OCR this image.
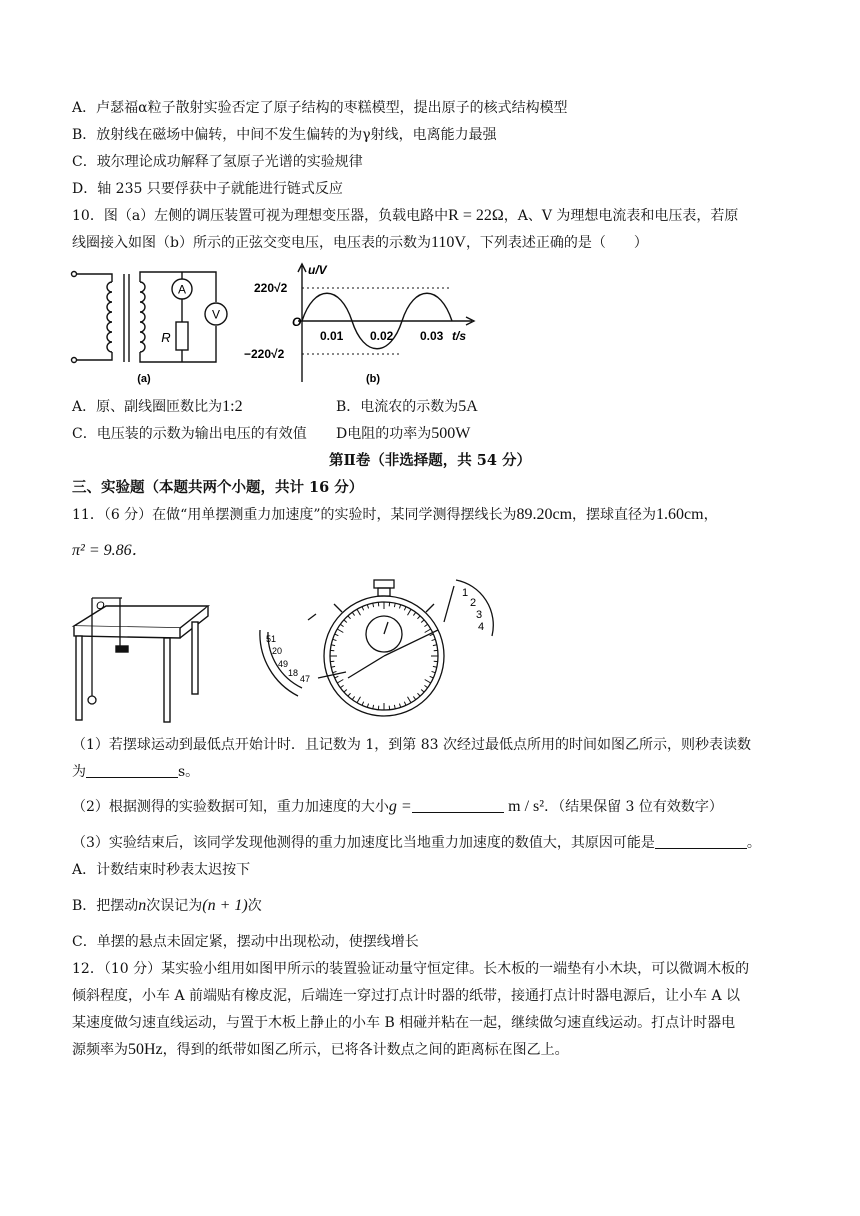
A．卢瑟福α粒子散射实验否定了原子结构的枣糕模型，提出原子的核式结构模型
B．放射线在磁场中偏转，中间不发生偏转的为γ射线，电离能力最强
C．玻尔理论成功解释了氢原子光谱的实验规律
D．轴 235 只要俘获中子就能进行链式反应
10．图（a）左侧的调压装置可视为理想变压器，负载电路中R = 22Ω，A、V 为理想电流表和电压表，若原
线圈接入如图（b）所示的正弦交变电压，电压表的示数为110V，下列表述正确的是（　　）
A
V
R
(a)
u/V
t/s
O
220√2
−220√2
0.01 0.02 0.03
(b)
A．原、副线圈匝数比为1:2	B．电流农的示数为5A
C．电压装的示数为输出电压的有效值 D电阻的功率为500W
第Ⅱ卷（非选择题，共 54 分）
三、实验题（本题共两个小题，共计 16 分）
11．（6 分）在做“用单摆测重力加速度”的实验时，某同学测得摆线长为89.20cm，摆球直径为1.60cm，
π² = 9.86．
O
1
2
3
4
51
20
49
18
47
（1）若摆球运动到最低点开始计时．且记数为 1，到第 83 次经过最低点所用的时间如图乙所示，则秒表读数
为	s。
（2）根据测得的实验数据可知，重力加速度的大小g =	m / s²．（结果保留 3 位有效数字）
（3）实验结束后，该同学发现他测得的重力加速度比当地重力加速度的数值大，其原因可能是	。
A．计数结束时秒表太迟按下
B．把摆动n次误记为(n + 1)次
C．单摆的悬点未固定紧，摆动中出现松动，使摆线增长
12．（10 分）某实验小组用如图甲所示的装置验证动量守恒定律。长木板的一端垫有小木块，可以微调木板的
倾斜程度，小车 A 前端贴有橡皮泥，后端连一穿过打点计时器的纸带，接通打点计时器电源后，让小车 A 以
某速度做匀速直线运动，与置于木板上静止的小车 B 相碰并粘在一起，继续做匀速直线运动。打点计时器电
源频率为50Hz，得到的纸带如图乙所示，已将各计数点之间的距离标在图乙上。
